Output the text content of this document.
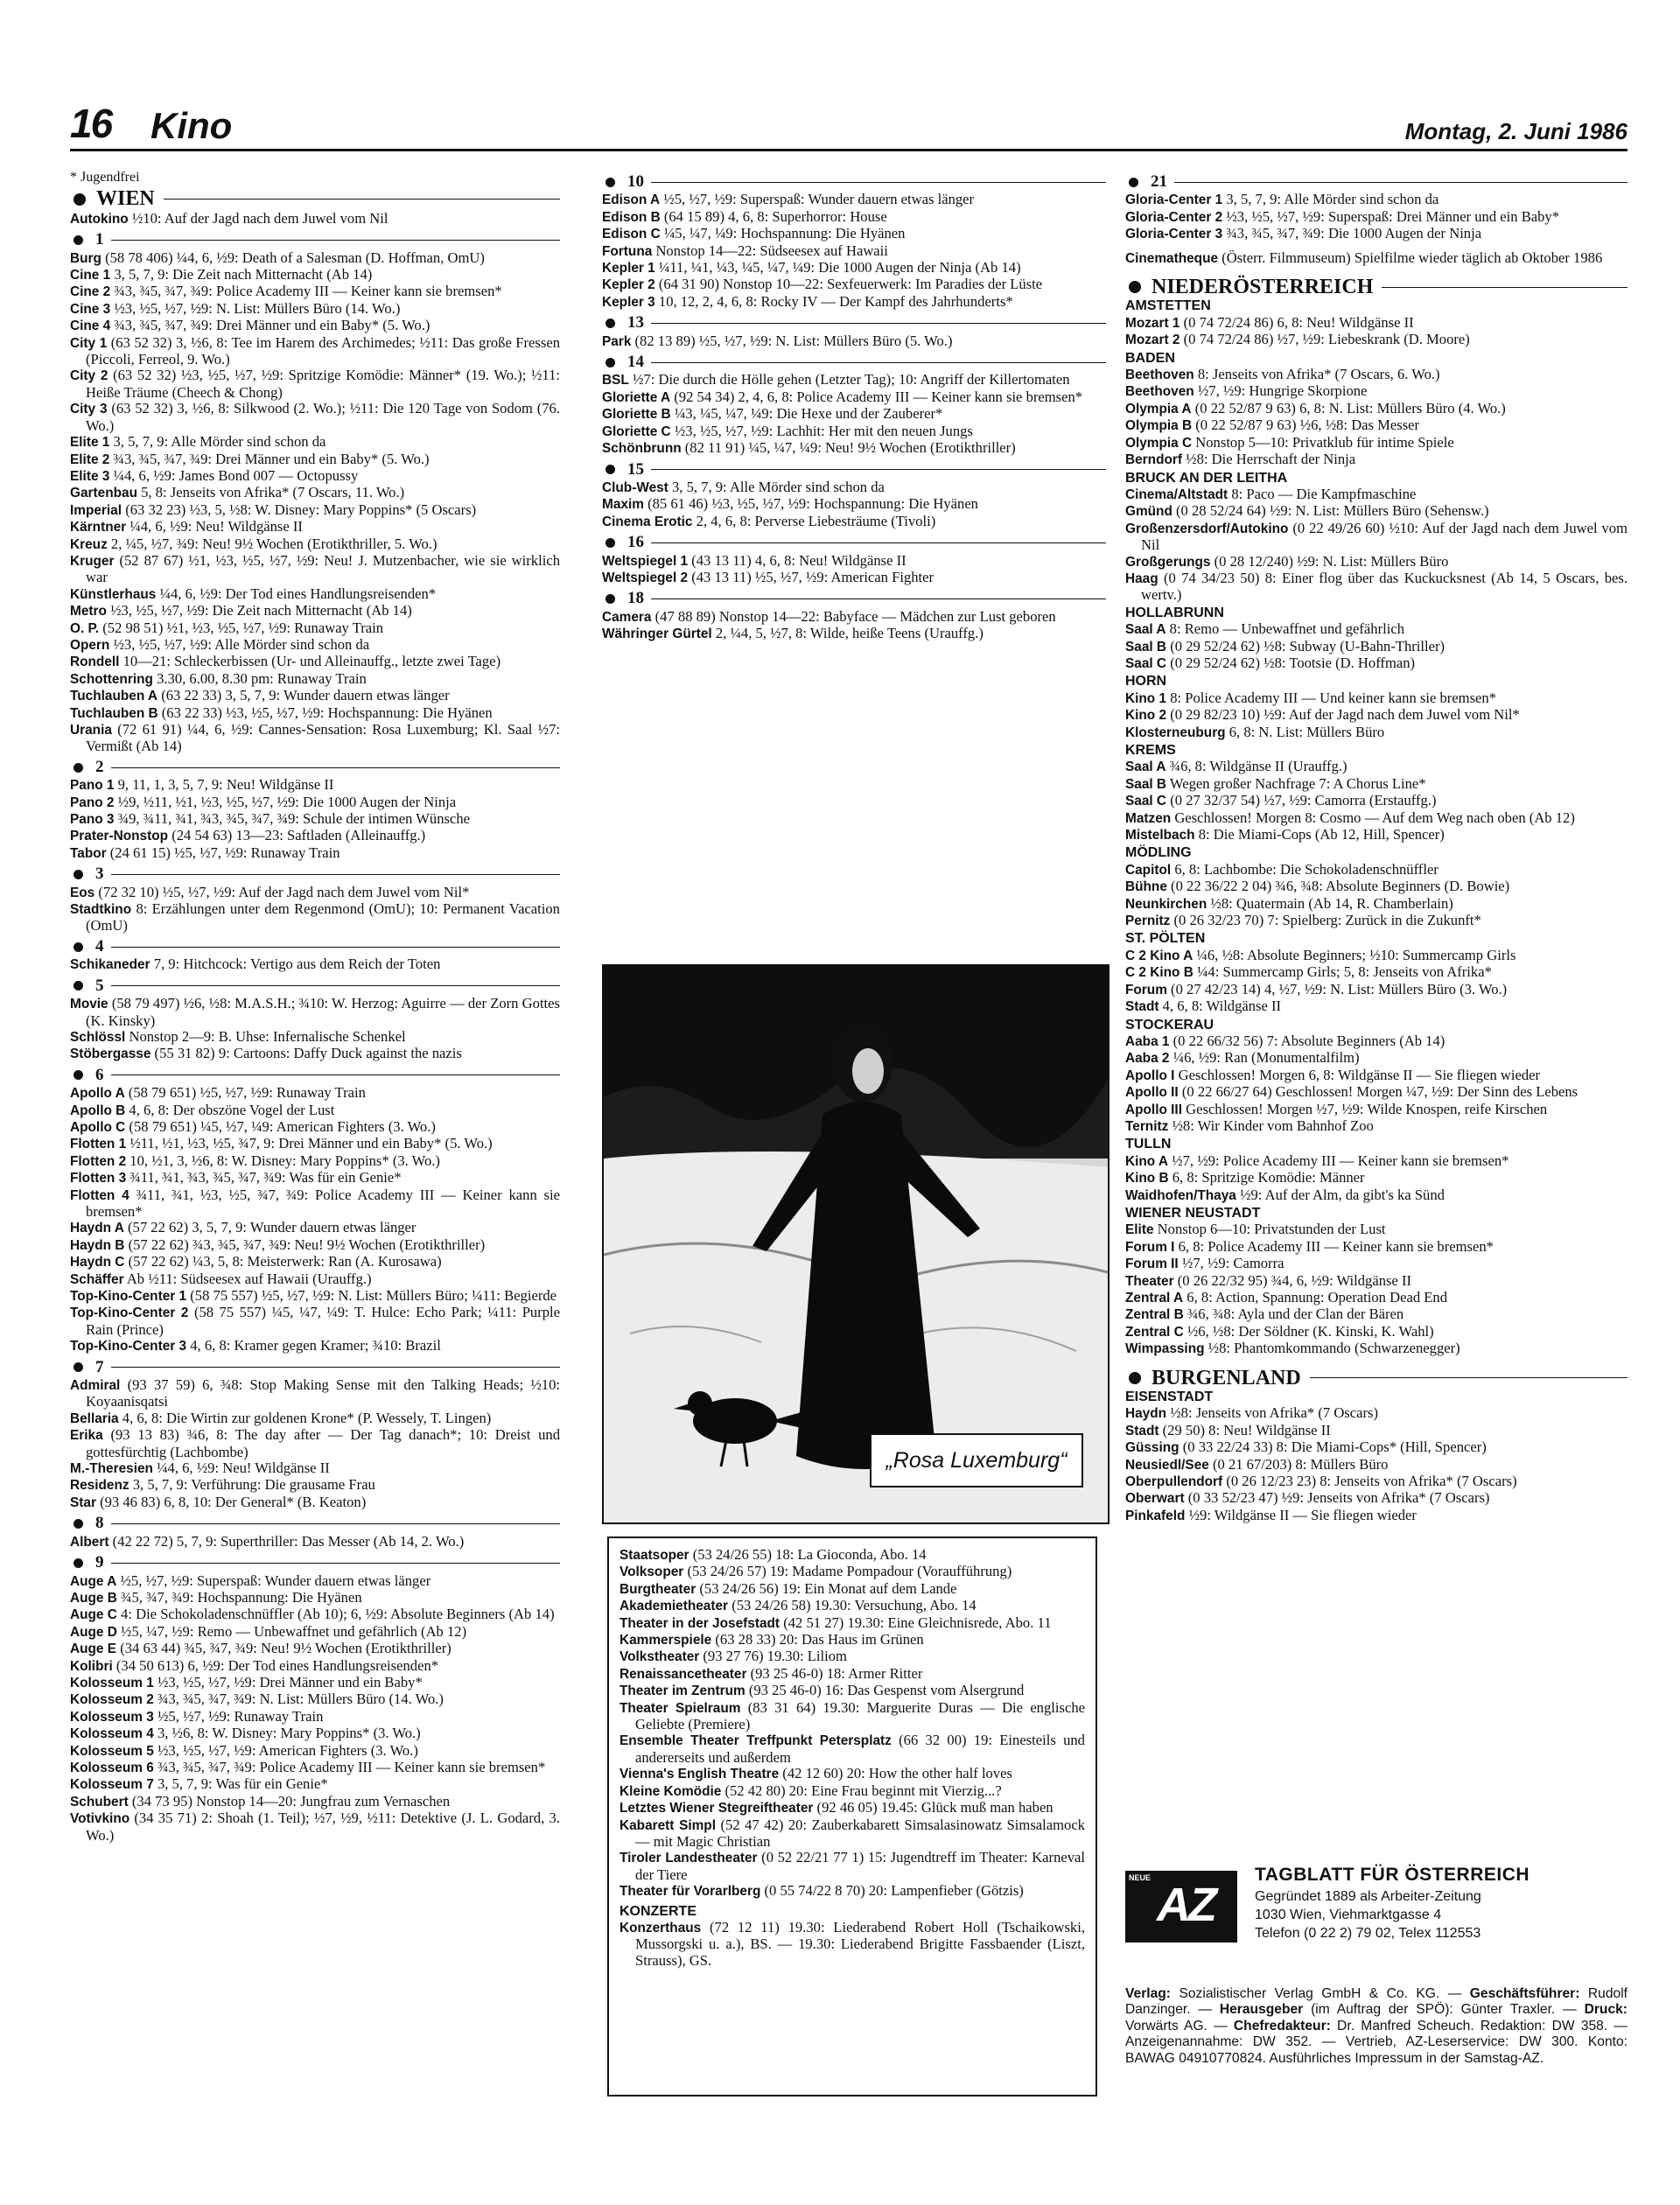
16 Kino	Montag, 2. Juni 1986
* Jugendfrei
WIEN
Autokino ½10: Auf der Jagd nach dem Juwel vom Nil
1
Burg (58 78 406) ¼4, 6, ½9: Death of a Salesman (D. Hoffman, OmU)
Cine 1 3, 5, 7, 9: Die Zeit nach Mitternacht (Ab 14)
Cine 2 ¾3, ¾5, ¾7, ¾9: Police Academy III — Keiner kann sie bremsen*
Cine 3 ½3, ½5, ½7, ½9: N. List: Müllers Büro (14. Wo.)
Cine 4 ¾3, ¾5, ¾7, ¾9: Drei Männer und ein Baby* (5. Wo.)
City 1 (63 52 32) 3, ½6, 8: Tee im Harem des Archimedes; ½11: Das große Fressen (Piccoli, Ferreol, 9. Wo.)
City 2 (63 52 32) ½3, ½5, ½7, ½9: Spritzige Komödie: Männer* (19. Wo.); ½11: Heiße Träume (Cheech & Chong)
City 3 (63 52 32) 3, ½6, 8: Silkwood (2. Wo.); ½11: Die 120 Tage von Sodom (76. Wo.)
Elite 1 3, 5, 7, 9: Alle Mörder sind schon da
Elite 2 ¾3, ¾5, ¾7, ¾9: Drei Männer und ein Baby* (5. Wo.)
Elite 3 ¼4, 6, ½9: James Bond 007 — Octopussy
Gartenbau 5, 8: Jenseits von Afrika* (7 Oscars, 11. Wo.)
Imperial (63 32 23) ½3, 5, ½8: W. Disney: Mary Poppins* (5 Oscars)
Kärntner ¼4, 6, ½9: Neu! Wildgänse II
Kreuz 2, ¼5, ½7, ¾9: Neu! 9½ Wochen (Erotikthriller, 5. Wo.)
Kruger (52 87 67) ½1, ½3, ½5, ½7, ½9: Neu! J. Mutzenbacher, wie sie wirklich war
Künstlerhaus ¼4, 6, ½9: Der Tod eines Handlungsreisenden*
Metro ½3, ½5, ½7, ½9: Die Zeit nach Mitternacht (Ab 14)
O. P. (52 98 51) ½1, ½3, ½5, ½7, ½9: Runaway Train
Opern ½3, ½5, ½7, ½9: Alle Mörder sind schon da
Rondell 10—21: Schleckerbissen (Ur- und Alleinauffg., letzte zwei Tage)
Schottenring 3.30, 6.00, 8.30 pm: Runaway Train
Tuchlauben A (63 22 33) 3, 5, 7, 9: Wunder dauern etwas länger
Tuchlauben B (63 22 33) ½3, ½5, ½7, ½9: Hochspannung: Die Hyänen
Urania (72 61 91) ¼4, 6, ½9: Cannes-Sensation: Rosa Luxemburg; Kl. Saal ½7: Vermißt (Ab 14)
2
Pano 1 9, 11, 1, 3, 5, 7, 9: Neu! Wildgänse II
Pano 2 ½9, ½11, ½1, ½3, ½5, ½7, ½9: Die 1000 Augen der Ninja
Pano 3 ¾9, ¾11, ¾1, ¾3, ¾5, ¾7, ¾9: Schule der intimen Wünsche
Prater-Nonstop (24 54 63) 13—23: Saftladen (Alleinauffg.)
Tabor (24 61 15) ½5, ½7, ½9: Runaway Train
3
Eos (72 32 10) ½5, ½7, ½9: Auf der Jagd nach dem Juwel vom Nil*
Stadtkino 8: Erzählungen unter dem Regenmond (OmU); 10: Permanent Vacation (OmU)
4
Schikaneder 7, 9: Hitchcock: Vertigo aus dem Reich der Toten
5
Movie (58 79 497) ½6, ½8: M.A.S.H.; ¾10: W. Herzog: Aguirre — der Zorn Gottes (K. Kinsky)
Schlössl Nonstop 2—9: B. Uhse: Infernalische Schenkel
Stöbergasse (55 31 82) 9: Cartoons: Daffy Duck against the nazis
6
Apollo A (58 79 651) ½5, ½7, ½9: Runaway Train
Apollo B 4, 6, 8: Der obszöne Vogel der Lust
Apollo C (58 79 651) ¼5, ½7, ¼9: American Fighters (3. Wo.)
Flotten 1 ½11, ½1, ½3, ½5, ¾7, 9: Drei Männer und ein Baby* (5. Wo.)
Flotten 2 10, ½1, 3, ½6, 8: W. Disney: Mary Poppins* (3. Wo.)
Flotten 3 ¾11, ¾1, ¾3, ¾5, ¾7, ¾9: Was für ein Genie*
Flotten 4 ¾11, ¾1, ½3, ½5, ¾7, ¾9: Police Academy III — Keiner kann sie bremsen*
Haydn A (57 22 62) 3, 5, 7, 9: Wunder dauern etwas länger
Haydn B (57 22 62) ¾3, ¾5, ¾7, ¾9: Neu! 9½ Wochen (Erotikthriller)
Haydn C (57 22 62) ¼3, 5, 8: Meisterwerk: Ran (A. Kurosawa)
Schäffer Ab ½11: Südseesex auf Hawaii (Urauffg.)
Top-Kino-Center 1 (58 75 557) ½5, ½7, ½9: N. List: Müllers Büro; ¼11: Begierde
Top-Kino-Center 2 (58 75 557) ¼5, ¼7, ¼9: T. Hulce: Echo Park; ¼11: Purple Rain (Prince)
Top-Kino-Center 3 4, 6, 8: Kramer gegen Kramer; ¾10: Brazil
7
Admiral (93 37 59) 6, ¾8: Stop Making Sense mit den Talking Heads; ½10: Koyaanisqatsi
Bellaria 4, 6, 8: Die Wirtin zur goldenen Krone* (P. Wessely, T. Lingen)
Erika (93 13 83) ¾6, 8: The day after — Der Tag danach*; 10: Dreist und gottesfürchtig (Lachbombe)
M.-Theresien ¼4, 6, ½9: Neu! Wildgänse II
Residenz 3, 5, 7, 9: Verführung: Die grausame Frau
Star (93 46 83) 6, 8, 10: Der General* (B. Keaton)
8
Albert (42 22 72) 5, 7, 9: Superthriller: Das Messer (Ab 14, 2. Wo.)
9
Auge A ½5, ½7, ½9: Superspaß: Wunder dauern etwas länger
Auge B ¾5, ¾7, ¾9: Hochspannung: Die Hyänen
Auge C 4: Die Schokoladenschnüffler (Ab 10); 6, ½9: Absolute Beginners (Ab 14)
Auge D ½5, ¼7, ½9: Remo — Unbewaffnet und gefährlich (Ab 12)
Auge E (34 63 44) ¾5, ¾7, ¾9: Neu! 9½ Wochen (Erotikthriller)
Kolibri (34 50 613) 6, ½9: Der Tod eines Handlungsreisenden*
Kolosseum 1 ½3, ½5, ½7, ½9: Drei Männer und ein Baby*
Kolosseum 2 ¾3, ¾5, ¾7, ¾9: N. List: Müllers Büro (14. Wo.)
Kolosseum 3 ½5, ½7, ½9: Runaway Train
Kolosseum 4 3, ½6, 8: W. Disney: Mary Poppins* (3. Wo.)
Kolosseum 5 ½3, ½5, ½7, ½9: American Fighters (3. Wo.)
Kolosseum 6 ¾3, ¾5, ¾7, ¾9: Police Academy III — Keiner kann sie bremsen*
Kolosseum 7 3, 5, 7, 9: Was für ein Genie*
Schubert (34 73 95) Nonstop 14—20: Jungfrau zum Vernaschen
Votivkino (34 35 71) 2: Shoah (1. Teil); ½7, ½9, ½11: Detektive (J. L. Godard, 3. Wo.)
10
Edison A ½5, ½7, ½9: Superspaß: Wunder dauern etwas länger
Edison B (64 15 89) 4, 6, 8: Superhorror: House
Edison C ¼5, ¼7, ¼9: Hochspannung: Die Hyänen
Fortuna Nonstop 14—22: Südseesex auf Hawaii
Kepler 1 ¼11, ¼1, ¼3, ¼5, ¼7, ¼9: Die 1000 Augen der Ninja (Ab 14)
Kepler 2 (64 31 90) Nonstop 10—22: Sexfeuerwerk: Im Paradies der Lüste
Kepler 3 10, 12, 2, 4, 6, 8: Rocky IV — Der Kampf des Jahrhunderts*
13
Park (82 13 89) ½5, ½7, ½9: N. List: Müllers Büro (5. Wo.)
14
BSL ½7: Die durch die Hölle gehen (Letzter Tag); 10: Angriff der Killertomaten
Gloriette A (92 54 34) 2, 4, 6, 8: Police Academy III — Keiner kann sie bremsen*
Gloriette B ¼3, ¼5, ¼7, ¼9: Die Hexe und der Zauberer*
Gloriette C ½3, ½5, ½7, ½9: Lachhit: Her mit den neuen Jungs
Schönbrunn (82 11 91) ¼5, ¼7, ¼9: Neu! 9½ Wochen (Erotikthriller)
15
Club-West 3, 5, 7, 9: Alle Mörder sind schon da
Maxim (85 61 46) ½3, ½5, ½7, ½9: Hochspannung: Die Hyänen
Cinema Erotic 2, 4, 6, 8: Perverse Liebesträume (Tivoli)
16
Weltspiegel 1 (43 13 11) 4, 6, 8: Neu! Wildgänse II
Weltspiegel 2 (43 13 11) ½5, ½7, ½9: American Fighter
18
Camera (47 88 89) Nonstop 14—22: Babyface — Mädchen zur Lust geboren
Währinger Gürtel 2, ¼4, 5, ½7, 8: Wilde, heiße Teens (Urauffg.)
„Rosa Luxemburg“
Staatsoper (53 24/26 55) 18: La Gioconda, Abo. 14
Volksoper (53 24/26 57) 19: Madame Pompadour (Voraufführung)
Burgtheater (53 24/26 56) 19: Ein Monat auf dem Lande
Akademietheater (53 24/26 58) 19.30: Versuchung, Abo. 14
Theater in der Josefstadt (42 51 27) 19.30: Eine Gleichnisrede, Abo. 11
Kammerspiele (63 28 33) 20: Das Haus im Grünen
Volkstheater (93 27 76) 19.30: Liliom
Renaissancetheater (93 25 46-0) 18: Armer Ritter
Theater im Zentrum (93 25 46-0) 16: Das Gespenst vom Alsergrund
Theater Spielraum (83 31 64) 19.30: Marguerite Duras — Die englische Geliebte (Premiere)
Ensemble Theater Treffpunkt Petersplatz (66 32 00) 19: Einesteils und andererseits und außerdem
Vienna's English Theatre (42 12 60) 20: How the other half loves
Kleine Komödie (52 42 80) 20: Eine Frau beginnt mit Vierzig...?
Letztes Wiener Stegreiftheater (92 46 05) 19.45: Glück muß man haben
Kabarett Simpl (52 47 42) 20: Zauberkabarett Simsalasinowatz Simsalamock — mit Magic Christian
Tiroler Landestheater (0 52 22/21 77 1) 15: Jugendtreff im Theater: Karneval der Tiere
Theater für Vorarlberg (0 55 74/22 8 70) 20: Lampenfieber (Götzis)
KONZERTE
Konzerthaus (72 12 11) 19.30: Liederabend Robert Holl (Tschaikowski, Mussorgski u. a.), BS. — 19.30: Liederabend Brigitte Fassbaender (Liszt, Strauss), GS.
21
Gloria-Center 1 3, 5, 7, 9: Alle Mörder sind schon da
Gloria-Center 2 ½3, ½5, ½7, ½9: Superspaß: Drei Männer und ein Baby*
Gloria-Center 3 ¾3, ¾5, ¾7, ¾9: Die 1000 Augen der Ninja
Cinematheque (Österr. Filmmuseum) Spielfilme wieder täglich ab Oktober 1986
NIEDERÖSTERREICH
AMSTETTEN
Mozart 1 (0 74 72/24 86) 6, 8: Neu! Wildgänse II
Mozart 2 (0 74 72/24 86) ½7, ½9: Liebeskrank (D. Moore)
BADEN
Beethoven 8: Jenseits von Afrika* (7 Oscars, 6. Wo.)
Beethoven ½7, ½9: Hungrige Skorpione
Olympia A (0 22 52/87 9 63) 6, 8: N. List: Müllers Büro (4. Wo.)
Olympia B (0 22 52/87 9 63) ½6, ½8: Das Messer
Olympia C Nonstop 5—10: Privatklub für intime Spiele
Berndorf ½8: Die Herrschaft der Ninja
BRUCK AN DER LEITHA
Cinema/Altstadt 8: Paco — Die Kampfmaschine
Gmünd (0 28 52/24 64) ½9: N. List: Müllers Büro (Sehensw.)
Großenzersdorf/Autokino (0 22 49/26 60) ½10: Auf der Jagd nach dem Juwel vom Nil
Großgerungs (0 28 12/240) ½9: N. List: Müllers Büro
Haag (0 74 34/23 50) 8: Einer flog über das Kuckucksnest (Ab 14, 5 Oscars, bes. wertv.)
HOLLABRUNN
Saal A 8: Remo — Unbewaffnet und gefährlich
Saal B (0 29 52/24 62) ½8: Subway (U-Bahn-Thriller)
Saal C (0 29 52/24 62) ½8: Tootsie (D. Hoffman)
HORN
Kino 1 8: Police Academy III — Und keiner kann sie bremsen*
Kino 2 (0 29 82/23 10) ½9: Auf der Jagd nach dem Juwel vom Nil*
Klosterneuburg 6, 8: N. List: Müllers Büro
KREMS
Saal A ¾6, 8: Wildgänse II (Urauffg.)
Saal B Wegen großer Nachfrage 7: A Chorus Line*
Saal C (0 27 32/37 54) ½7, ½9: Camorra (Erstauffg.)
Matzen Geschlossen! Morgen 8: Cosmo — Auf dem Weg nach oben (Ab 12)
Mistelbach 8: Die Miami-Cops (Ab 12, Hill, Spencer)
MÖDLING
Capitol 6, 8: Lachbombe: Die Schokoladenschnüffler
Bühne (0 22 36/22 2 04) ¾6, ¾8: Absolute Beginners (D. Bowie)
Neunkirchen ½8: Quatermain (Ab 14, R. Chamberlain)
Pernitz (0 26 32/23 70) 7: Spielberg: Zurück in die Zukunft*
ST. PÖLTEN
C 2 Kino A ¼6, ½8: Absolute Beginners; ½10: Summercamp Girls
C 2 Kino B ¼4: Summercamp Girls; 5, 8: Jenseits von Afrika*
Forum (0 27 42/23 14) 4, ½7, ½9: N. List: Müllers Büro (3. Wo.)
Stadt 4, 6, 8: Wildgänse II
STOCKERAU
Aaba 1 (0 22 66/32 56) 7: Absolute Beginners (Ab 14)
Aaba 2 ¼6, ½9: Ran (Monumentalfilm)
Apollo I Geschlossen! Morgen 6, 8: Wildgänse II — Sie fliegen wieder
Apollo II (0 22 66/27 64) Geschlossen! Morgen ¼7, ½9: Der Sinn des Lebens
Apollo III Geschlossen! Morgen ½7, ½9: Wilde Knospen, reife Kirschen
Ternitz ½8: Wir Kinder vom Bahnhof Zoo
TULLN
Kino A ½7, ½9: Police Academy III — Keiner kann sie bremsen*
Kino B 6, 8: Spritzige Komödie: Männer
Waidhofen/Thaya ½9: Auf der Alm, da gibt's ka Sünd
WIENER NEUSTADT
Elite Nonstop 6—10: Privatstunden der Lust
Forum I 6, 8: Police Academy III — Keiner kann sie bremsen*
Forum II ½7, ½9: Camorra
Theater (0 26 22/32 95) ¾4, 6, ½9: Wildgänse II
Zentral A 6, 8: Action, Spannung: Operation Dead End
Zentral B ¾6, ¾8: Ayla und der Clan der Bären
Zentral C ½6, ½8: Der Söldner (K. Kinski, K. Wahl)
Wimpassing ½8: Phantomkommando (Schwarzenegger)
BURGENLAND
EISENSTADT
Haydn ½8: Jenseits von Afrika* (7 Oscars)
Stadt (29 50) 8: Neu! Wildgänse II
Güssing (0 33 22/24 33) 8: Die Miami-Cops* (Hill, Spencer)
Neusiedl/See (0 21 67/203) 8: Müllers Büro
Oberpullendorf (0 26 12/23 23) 8: Jenseits von Afrika* (7 Oscars)
Oberwart (0 33 52/23 47) ½9: Jenseits von Afrika* (7 Oscars)
Pinkafeld ½9: Wildgänse II — Sie fliegen wieder
NEUE
AZ
TAGBLATT FÜR ÖSTERREICH
Gegründet 1889 als Arbeiter-Zeitung
1030 Wien, Viehmarktgasse 4
Telefon (0 22 2) 79 02, Telex 112553
Verlag: Sozialistischer Verlag GmbH & Co. KG. — Geschäftsführer: Rudolf Danzinger. — Herausgeber (im Auftrag der SPÖ): Günter Traxler. — Druck: Vorwärts AG. — Chefredakteur: Dr. Manfred Scheuch. Redaktion: DW 358. — Anzeigenannahme: DW 352. — Vertrieb, AZ-Leserservice: DW 300. Konto: BAWAG 04910770824. Ausführliches Impressum in der Samstag-AZ.
